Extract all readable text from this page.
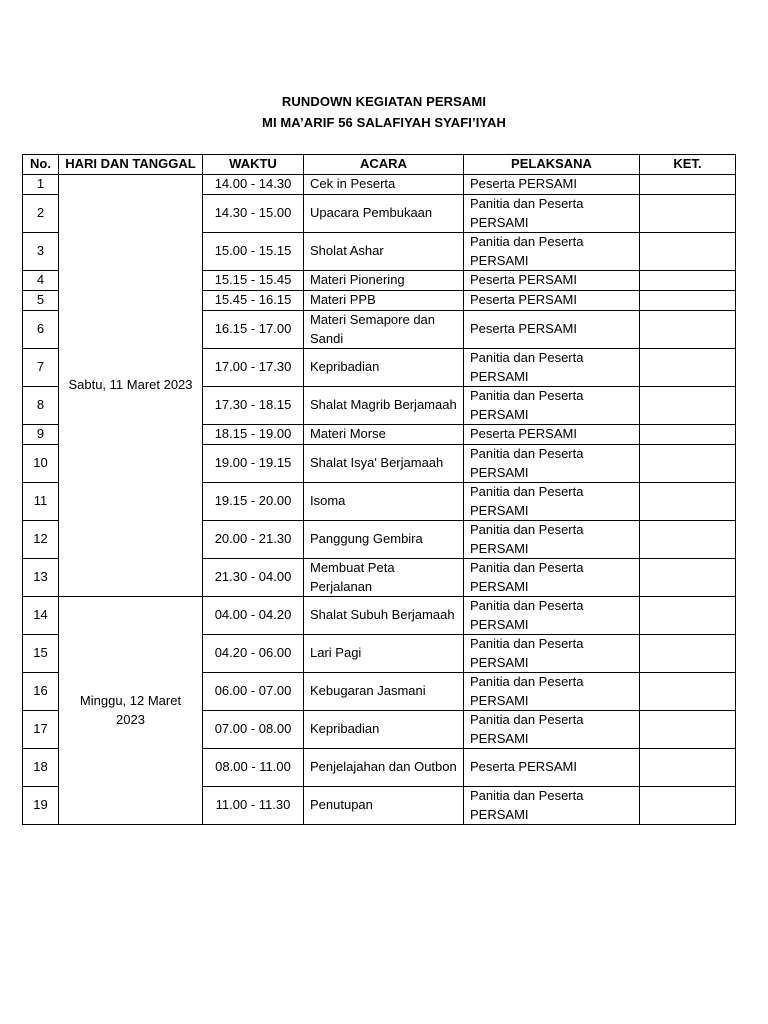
RUNDOWN KEGIATAN PERSAMI
MI MA’ARIF 56 SALAFIYAH SYAFI’IYAH
No.	HARI DAN TANGGAL	WAKTU	ACARA	PELAKSANA	KET.
1	Sabtu, 11 Maret 2023	14.00 - 14.30	Cek in Peserta	Peserta PERSAMI	
2		14.30 - 15.00	Upacara Pembukaan	Panitia dan Peserta PERSAMI	
3		15.00 - 15.15	Sholat Ashar	Panitia dan Peserta PERSAMI	
4		15.15 - 15.45	Materi Pionering	Peserta PERSAMI	
5		15.45 - 16.15	Materi PPB	Peserta PERSAMI	
6		16.15 - 17.00	Materi Semapore dan Sandi	Peserta PERSAMI	
7		17.00 - 17.30	Kepribadian	Panitia dan Peserta PERSAMI	
8		17.30 - 18.15	Shalat Magrib Berjamaah	Panitia dan Peserta PERSAMI	
9		18.15 - 19.00	Materi Morse	Peserta PERSAMI	
10		19.00 - 19.15	Shalat Isya' Berjamaah	Panitia dan Peserta PERSAMI	
11		19.15 - 20.00	Isoma	Panitia dan Peserta PERSAMI	
12		20.00 - 21.30	Panggung Gembira	Panitia dan Peserta PERSAMI	
13		21.30 - 04.00	Membuat Peta Perjalanan	Panitia dan Peserta PERSAMI	
14	Minggu, 12 Maret 2023	04.00 - 04.20	Shalat Subuh Berjamaah	Panitia dan Peserta PERSAMI	
15		04.20 - 06.00	Lari Pagi	Panitia dan Peserta PERSAMI	
16		06.00 - 07.00	Kebugaran Jasmani	Panitia dan Peserta PERSAMI	
17		07.00 - 08.00	Kepribadian	Panitia dan Peserta PERSAMI	
18		08.00 - 11.00	Penjelajahan dan Outbon	Peserta PERSAMI	
19		11.00 - 11.30	Penutupan	Panitia dan Peserta PERSAMI	
